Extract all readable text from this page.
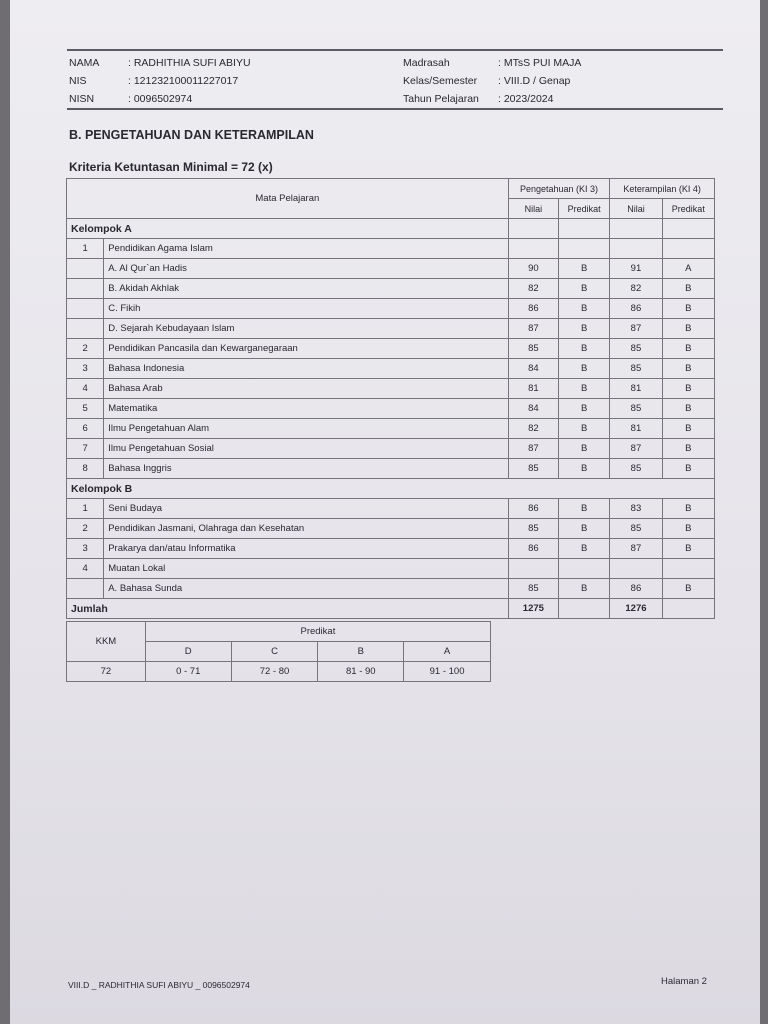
NAMA	: RADHITHIA SUFI ABIYU
NIS	: 121232100011227017
NISN	: 0096502974
Madrasah	: MTsS PUI MAJA
Kelas/Semester : VIII.D / Genap
Tahun Pelajaran : 2023/2024
B. PENGETAHUAN DAN KETERAMPILAN
Kriteria Ketuntasan Minimal = 72 (x)
Mata Pelajaran		Pengetahuan (KI 3)		Keterampilan (KI 4)	
		Nilai	Predikat	Nilai	Predikat
Kelompok A					
1	Pendidikan Agama Islam				
	A. Al Qur`an Hadis	90	B	91	A
	B. Akidah Akhlak	82	B	82	B
	C. Fikih	86	B	86	B
	D. Sejarah Kebudayaan Islam	87	B	87	B
2	Pendidikan Pancasila dan Kewarganegaraan	85	B	85	B
3	Bahasa Indonesia	84	B	85	B
4	Bahasa Arab	81	B	81	B
5	Matematika	84	B	85	B
6	Ilmu Pengetahuan Alam	82	B	81	B
7	Ilmu Pengetahuan Sosial	87	B	87	B
8	Bahasa Inggris	85	B	85	B
Kelompok B					
1	Seni Budaya	86	B	83	B
2	Pendidikan Jasmani, Olahraga dan Kesehatan	85	B	85	B
3	Prakarya dan/atau Informatika	86	B	87	B
4	Muatan Lokal				
	A. Bahasa Sunda	85	B	86	B
Jumlah		1275		1276	
KKM	Predikat			
	D	C	B	A
72	0 - 71	72 - 80	81 - 90	91 - 100
VIII.D _ RADHITHIA SUFI ABIYU _ 0096502974	Halaman 2
